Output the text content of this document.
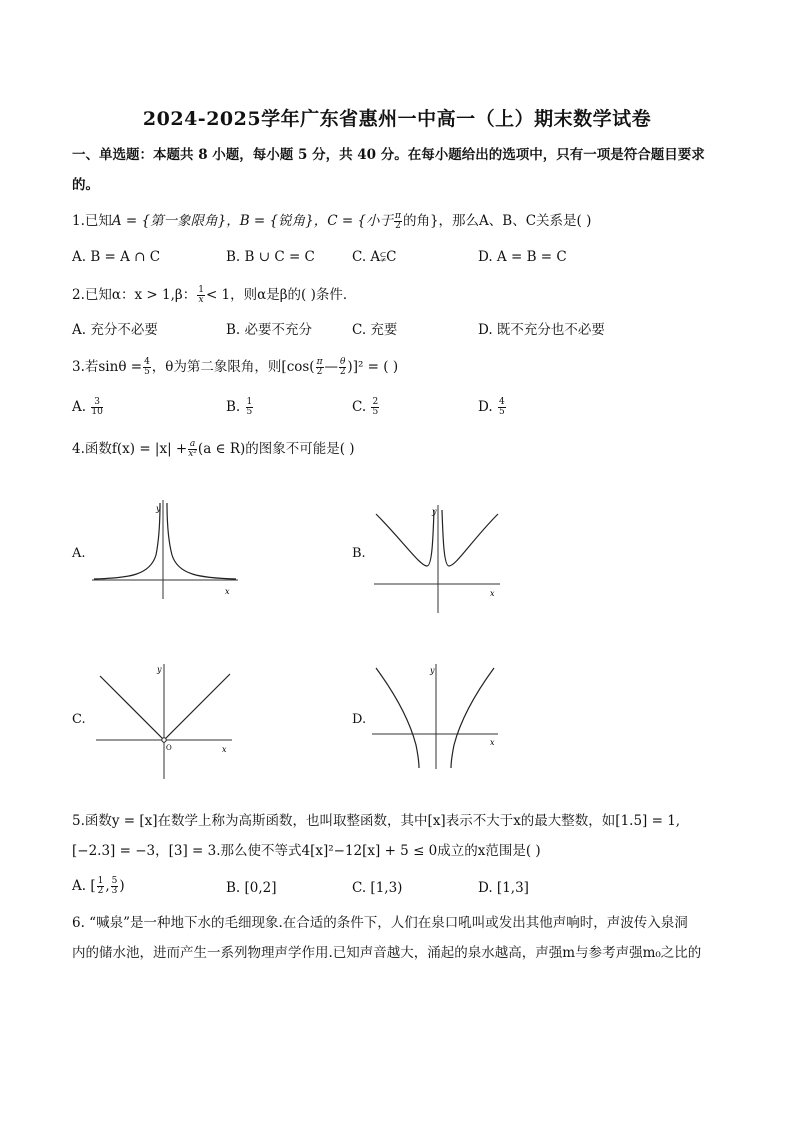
2024-2025学年广东省惠州一中高一（上）期末数学试卷
一、单选题：本题共 8 小题，每小题 5 分，共 40 分。在每小题给出的选项中，只有一项是符合题目要求
的。
1.已知A = {第一象限角}，B = {锐角}，C = {小于 $\frac{\pi}{2}$ 的角}，那么A、B、C关系是( )
A. B = A ∩ C	B. B ∪ C = C	C. A⫋C	D. A = B = C
2.已知α：x > 1,β： $\frac{1}{x} < 1$，则α是β的( )条件．
A. 充分不必要	B. 必要不充分	C. 充要	D. 既不充分也不必要
3.若$\sin\theta = \frac{4}{5}$ ，θ为第二象限角，则[$\cos( \frac{\pi}{2}$ — $\frac{\theta}{2} )]^2$ = ( )
A. $\frac{3}{10}$	B. $\frac{1}{5}$	C. $\frac{2}{5}$	D. $\frac{4}{5}$
4.函数$f(x) = |x| + \frac{a}{\text{x²}} (a$ ∈ R)的图象不可能是( )
A.	B.
C.	D.
y
x
y
x
y
x
O
y
x
5.函数y = [x]在数学上称为高斯函数，也叫取整函数，其中[x]表示不大于x的最大整数，如[1.5] = 1,
[−2.3] = −3，[3] = 3.那么使不等式4[x]²−12[x] + 5 ≤ 0成立的x范围是( )
A. [ $\frac{1}{2}$ , $\frac{5}{3}$ )	B. [0,2]	C. [1,3)	D. [1,3]
6. “喊泉”是一种地下水的毛细现象.在合适的条件下，人们在泉口吼叫或发出其他声响时，声波传入泉洞
内的储水池，进而产生一系列物理声学作用.已知声音越大，涌起的泉水越高，声强m与参考声强m₀之比的
